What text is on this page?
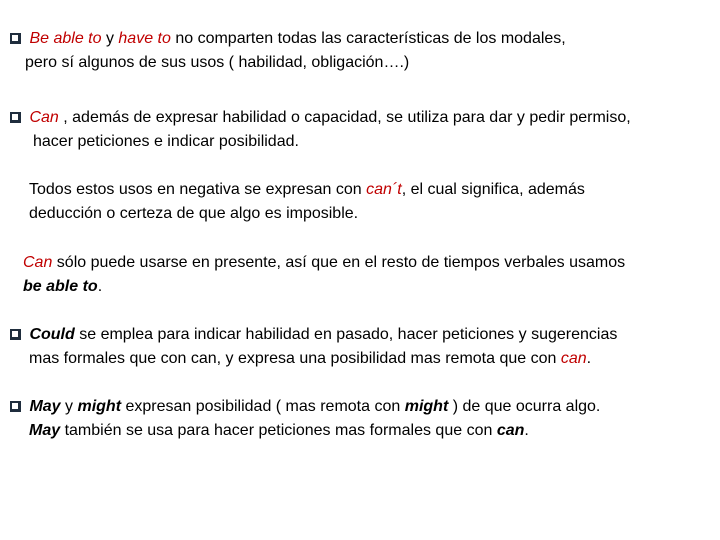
Be able to y have to no comparten todas las características de los modales,
pero sí algunos de sus usos ( habilidad, obligación….)
Can , además de expresar habilidad o capacidad, se utiliza para dar y pedir permiso,
hacer peticiones e indicar posibilidad.
Todos estos usos en negativa se expresan con can´t, el cual significa, además
deducción o certeza de que algo es imposible.
Can sólo puede usarse en presente, así que en el resto de tiempos verbales usamos
be able to.
Could se emplea para indicar habilidad en pasado, hacer peticiones y sugerencias
mas formales que con can, y expresa una posibilidad mas remota que con can.
May y might expresan posibilidad ( mas remota con might ) de que ocurra algo.
May también se usa para hacer peticiones mas formales que con can.
